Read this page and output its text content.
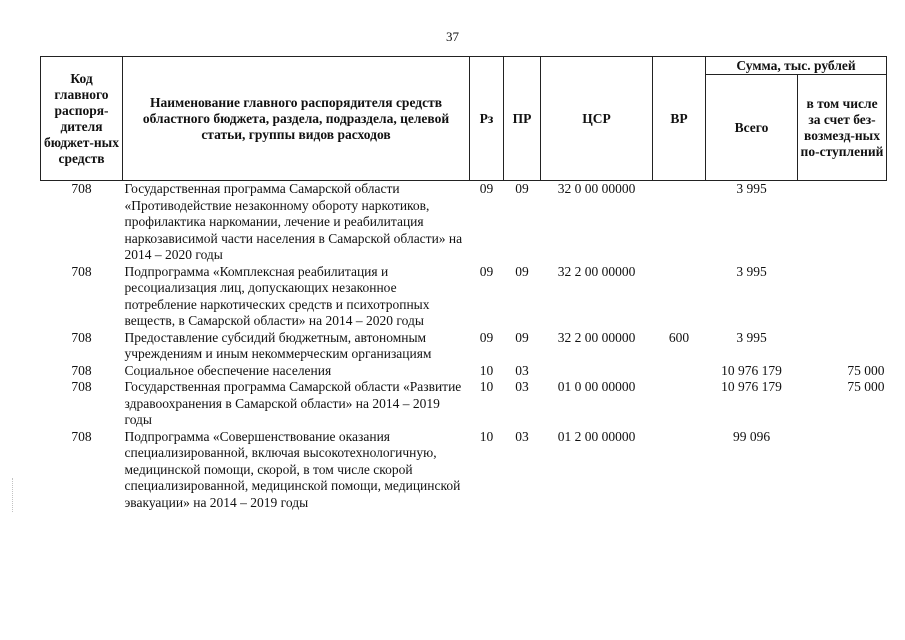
37
Код главного распоря-дителя бюджет-ных средств	Наименование главного распорядителя средств областного бюджета, раздела, подраздела, целевой статьи, группы видов расходов	Рз	ПР	ЦСР	ВР	Сумма, тыс. рублей	
						Всего	в том числе за счет без-возмезд-ных по-ступлений
708	Государственная программа Самарской области «Противодействие незаконному обороту наркотиков, профилактика наркомании, лечение и реабилитация наркозависимой части населения в Самарской области» на 2014 – 2020 годы	09	09	32 0 00 00000		3 995	
708	Подпрограмма «Комплексная реабилитация и ресоциализация лиц, допускающих незаконное потребление наркотических средств и психотропных веществ, в Самарской области» на 2014 – 2020 годы	09	09	32 2 00 00000		3 995	
708	Предоставление субсидий бюджетным, автономным учреждениям и иным некоммерческим организациям	09	09	32 2 00 00000	600	3 995	
708	Социальное обеспечение населения	10	03			10 976 179	75 000
708	Государственная программа Самарской области «Развитие здравоохранения в Самарской области» на 2014 – 2019 годы	10	03	01 0 00 00000		10 976 179	75 000
708	Подпрограмма «Совершенствование оказания специализированной, включая высокотехнологичную, медицинской помощи, скорой, в том числе скорой специализированной, медицинской помощи, медицинской эвакуации» на 2014 – 2019 годы	10	03	01 2 00 00000		99 096	
